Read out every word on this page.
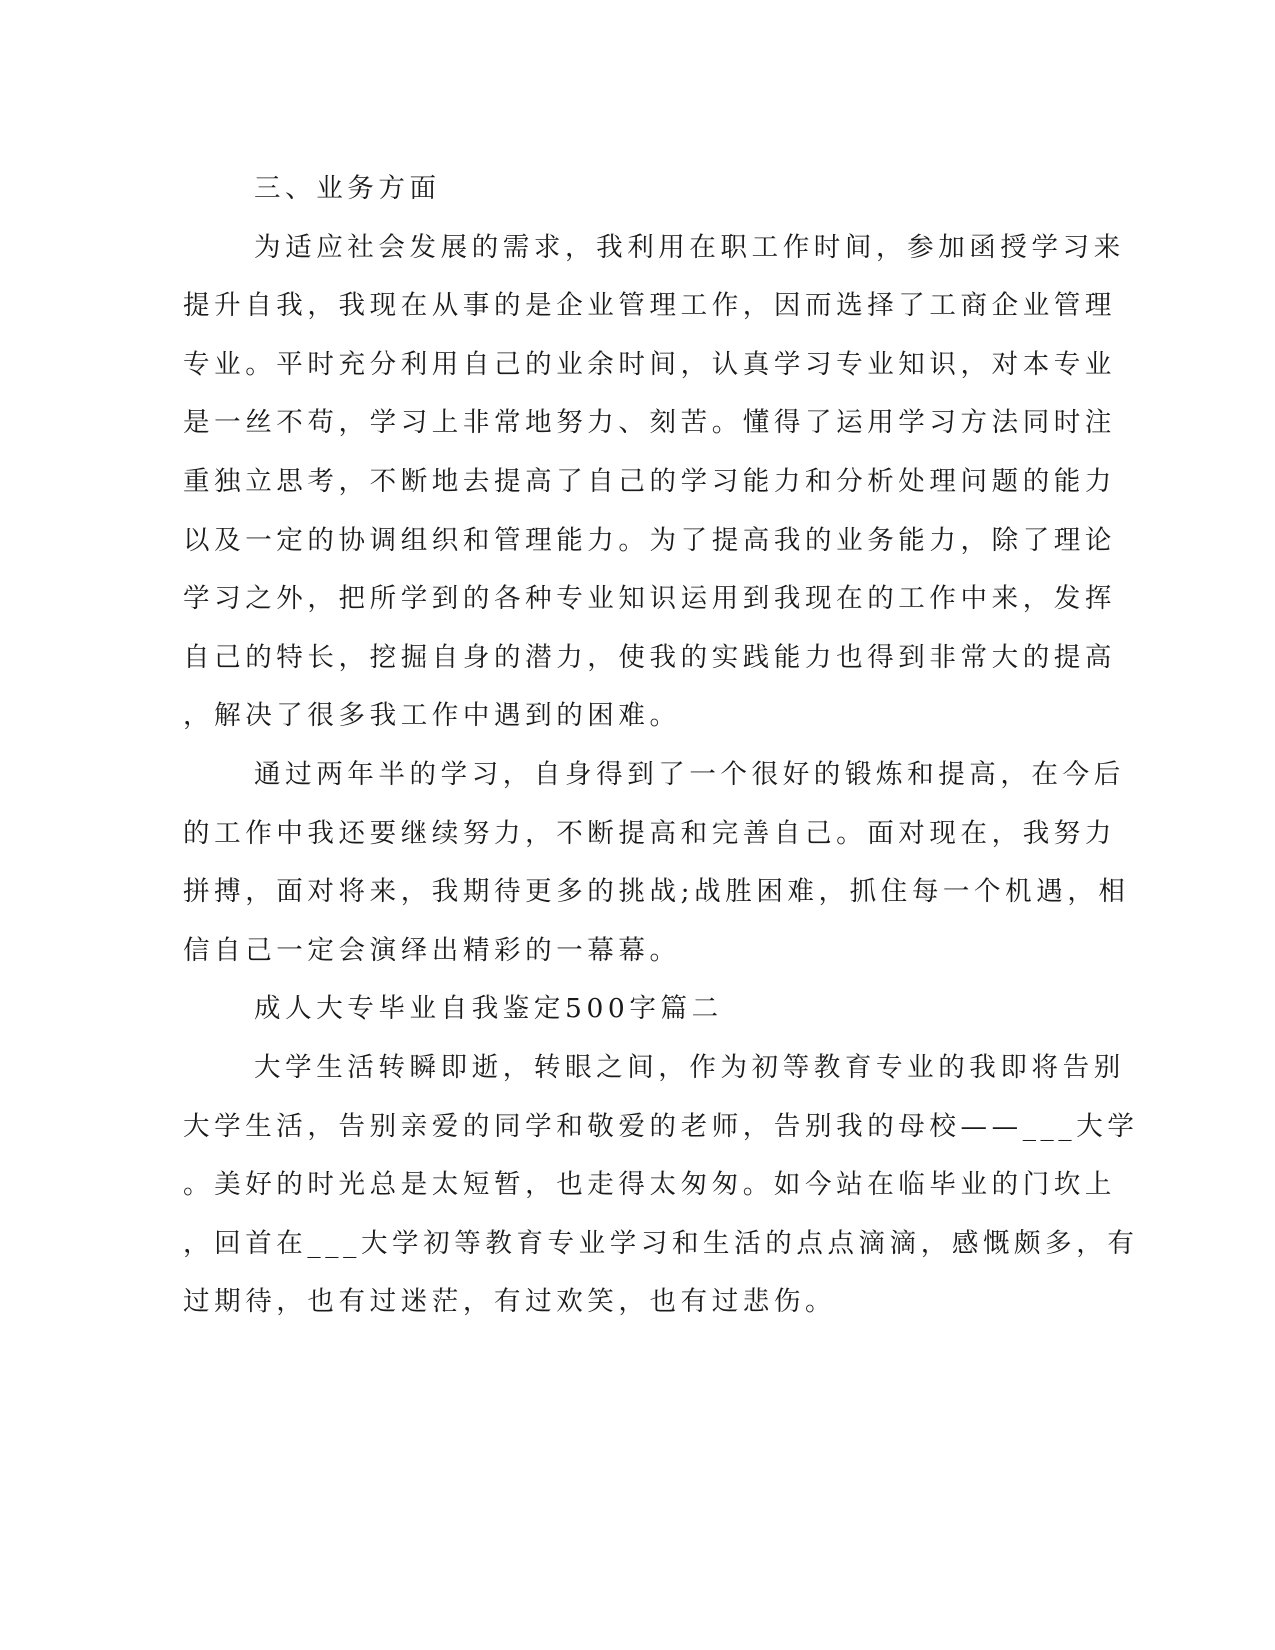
三、业务方面
为适应社会发展的需求，我利用在职工作时间，参加函授学习来
提升自我，我现在从事的是企业管理工作，因而选择了工商企业管理
专业。平时充分利用自己的业余时间，认真学习专业知识，对本专业
是一丝不苟，学习上非常地努力、刻苦。懂得了运用学习方法同时注
重独立思考，不断地去提高了自己的学习能力和分析处理问题的能力
以及一定的协调组织和管理能力。为了提高我的业务能力，除了理论
学习之外，把所学到的各种专业知识运用到我现在的工作中来，发挥
自己的特长，挖掘自身的潜力，使我的实践能力也得到非常大的提高
，解决了很多我工作中遇到的困难。
通过两年半的学习，自身得到了一个很好的锻炼和提高，在今后
的工作中我还要继续努力，不断提高和完善自己。面对现在，我努力
拼搏，面对将来，我期待更多的挑战;战胜困难，抓住每一个机遇，相
信自己一定会演绎出精彩的一幕幕。
成人大专毕业自我鉴定500字篇二
大学生活转瞬即逝，转眼之间，作为初等教育专业的我即将告别
大学生活，告别亲爱的同学和敬爱的老师，告别我的母校——___大学
。美好的时光总是太短暂，也走得太匆匆。如今站在临毕业的门坎上
，回首在___大学初等教育专业学习和生活的点点滴滴，感慨颇多，有
过期待，也有过迷茫，有过欢笑，也有过悲伤。
